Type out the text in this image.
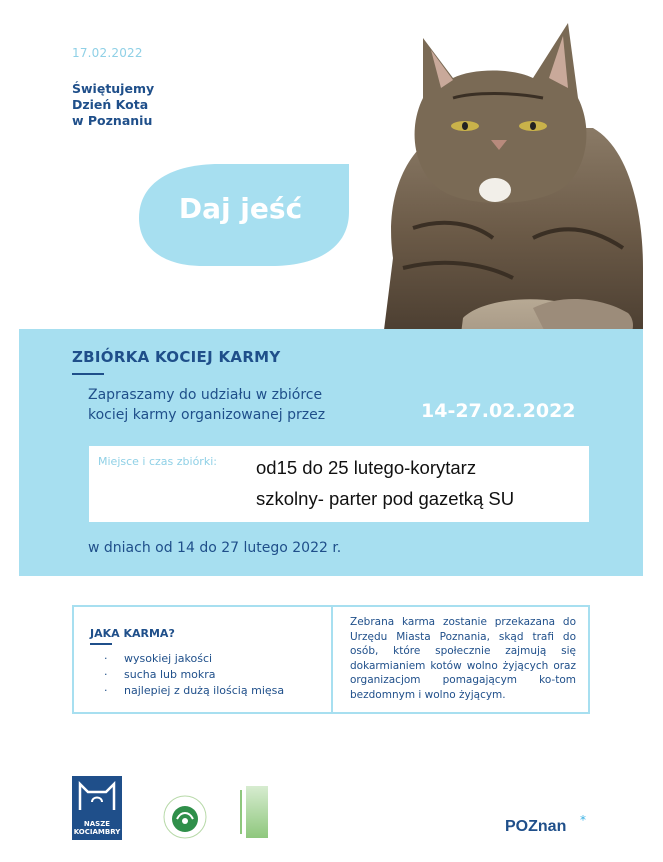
17.02.2022
Świętujemy
Dzień Kota
w Poznaniu
Daj jeść
ZBIÓRKA KOCIEJ KARMY
Zapraszamy do udziału w zbiórce
kociej karmy organizowanej przez	14-27.02.2022
Miejsce i czas zbiórki: od15 do 25 lutego-korytarz
szkolny- parter pod gazetką SU
w dniach od 14 do 27 lutego 2022 r.
JAKA KARMA?
· wysokiej jakości
· sucha lub mokra
· najlepiej z dużą ilością mięsa
Zebrana karma zostanie przekazana do Urzędu Miasta Poznania, skąd trafi do osób, które społecznie zajmują się dokarmianiem kotów wolno żyjących oraz organizacjom pomagającym ko-tom bezdomnym i wolno żyjącym.
NASZE
KOCIAMBRY	POZnan *
